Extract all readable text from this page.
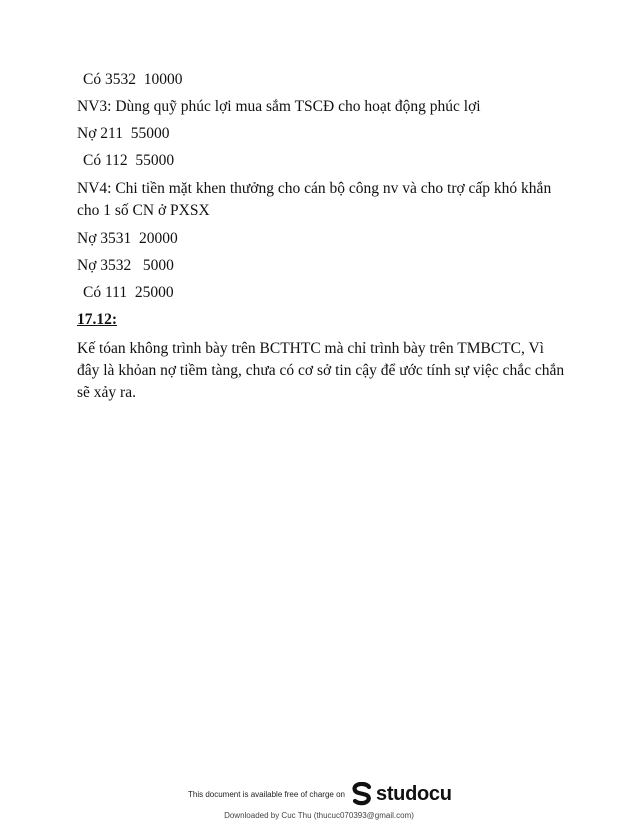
Có 3532  10000
NV3: Dùng quỹ phúc lợi mua sắm TSCĐ cho hoạt động phúc lợi
Nợ 211  55000
Có 112  55000
NV4: Chi tiền mặt khen thưởng cho cán bộ công nv và cho trợ cấp khó khắn cho 1 số CN ở PXSX
Nợ 3531  20000
Nợ 3532   5000
Có 111  25000
17.12:
Kế tóan không trình bày trên BCTHTC mà chỉ trình bày trên TMBCTC, Vì đây là khỏan nợ tiềm tàng, chưa có cơ sở tin cậy để ước tính sự việc chắc chắn sẽ xảy ra.
This document is available free of charge on studocu
Downloaded by Cuc Thu (thucuc070393@gmail.com)
